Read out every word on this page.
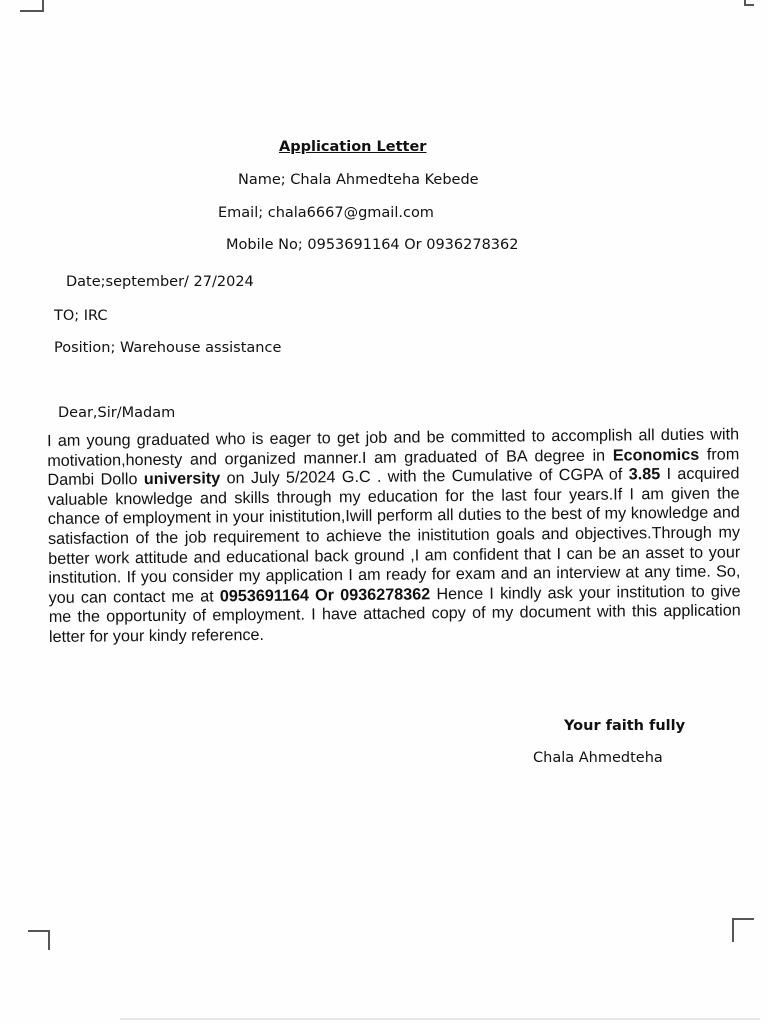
Application Letter
Name; Chala Ahmedteha Kebede
Email; chala6667@gmail.com
Mobile No; 0953691164 Or 0936278362
Date;september/ 27/2024
TO; IRC
Position; Warehouse assistance
Dear,Sir/Madam
I am young graduated who is eager to get job and be committed to accomplish all duties with motivation,honesty and organized manner.I am graduated of BA degree in Economics from Dambi Dollo university on July 5/2024 G.C . with the Cumulative of CGPA of 3.85 I acquired valuable knowledge and skills through my education for the last four years.If I am given the chance of employment in your inistitution,Iwill perform all duties to the best of my knowledge and satisfaction of the job requirement to achieve the inistitution goals and objectives.Through my better work attitude and educational back ground ,I am confident that I can be an asset to your institution. If you consider my application I am ready for exam and an interview at any time. So, you can contact me at 0953691164 Or 0936278362 Hence I kindly ask your institution to give me the opportunity of employment. I have attached copy of my document with this application letter for your kindy reference.
Your faith fully
Chala Ahmedteha
